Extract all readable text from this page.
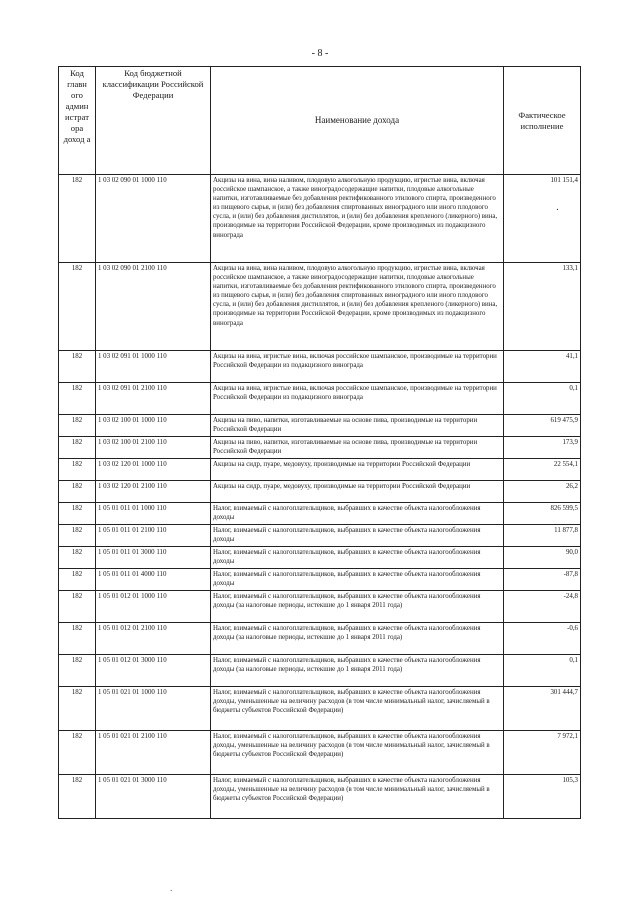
- 8 -
Код главн ого админ истрат ора доход а	Код бюджетной классификации Российской Федерации	Наименование дохода	Фактическое исполнение
182	1 03 02 090 01 1000 110	Акцизы на вина, вина наливом, плодовую алкогольную продукцию, игристые вина, включая российское шампанское, а также виноградосодержащие напитки, плодовые алкогольные напитки, изготавливаемые без добавления ректификованного этилового спирта, произведенного из пищевого сырья, и (или) без добавления спиртованных виноградного или иного плодового сусла, и (или) без добавления дистиллятов, и (или) без добавления крепленого (ликерного) вина, производимые на территории Российской Федерации, кроме производимых из подакцизного винограда	101 151,4
182	1 03 02 090 01 2100 110	Акцизы на вина, вина наливом, плодовую алкогольную продукцию, игристые вина, включая российское шампанское, а также виноградосодержащие напитки, плодовые алкогольные напитки, изготавливаемые без добавления ректификованного этилового спирта, произведенного из пищевого сырья, и (или) без добавления спиртованных виноградного или иного плодового сусла, и (или) без добавления дистиллятов, и (или) без добавления крепленого (ликерного) вина, производимые на территории Российской Федерации, кроме производимых из подакцизного винограда	133,1
182	1 03 02 091 01 1000 110	Акцизы на вина, игристые вина, включая российское шампанское, производимые на территории Российской Федерации из подакцизного винограда	41,1
182	1 03 02 091 01 2100 110	Акцизы на вина, игристые вина, включая российское шампанское, производимые на территории Российской Федерации из подакцизного винограда	0,1
182	1 03 02 100 01 1000 110	Акцизы на пиво, напитки, изготавливаемые на основе пива, производимые на территории Российской Федерации	619 475,9
182	1 03 02 100 01 2100 110	Акцизы на пиво, напитки, изготавливаемые на основе пива, производимые на территории Российской Федерации	173,9
182	1 03 02 120 01 1000 110	Акцизы на сидр, пуаре, медовуху, производимые на территории Российской Федерации	22 554,1
182	1 03 02 120 01 2100 110	Акцизы на сидр, пуаре, медовуху, производимые на территории Российской Федерации	26,2
182	1 05 01 011 01 1000 110	Налог, взимаемый с налогоплательщиков, выбравших в качестве объекта налогообложения доходы	826 599,5
182	1 05 01 011 01 2100 110	Налог, взимаемый с налогоплательщиков, выбравших в качестве объекта налогообложения доходы	11 877,8
182	1 05 01 011 01 3000 110	Налог, взимаемый с налогоплательщиков, выбравших в качестве объекта налогообложения доходы	90,0
182	1 05 01 011 01 4000 110	Налог, взимаемый с налогоплательщиков, выбравших в качестве объекта налогообложения доходы	-87,8
182	1 05 01 012 01 1000 110	Налог, взимаемый с налогоплательщиков, выбравших в качестве объекта налогообложения доходы (за налоговые периоды, истекшие до 1 января 2011 года)	-24,8
182	1 05 01 012 01 2100 110	Налог, взимаемый с налогоплательщиков, выбравших в качестве объекта налогообложения доходы (за налоговые периоды, истекшие до 1 января 2011 года)	-0,6
182	1 05 01 012 01 3000 110	Налог, взимаемый с налогоплательщиков, выбравших в качестве объекта налогообложения доходы (за налоговые периоды, истекшие до 1 января 2011 года)	0,1
182	1 05 01 021 01 1000 110	Налог, взимаемый с налогоплательщиков, выбравших в качестве объекта налогообложения доходы, уменьшенные на величину расходов (в том числе минимальный налог, зачисляемый в бюджеты субъектов Российской Федерации)	301 444,7
182	1 05 01 021 01 2100 110	Налог, взимаемый с налогоплательщиков, выбравших в качестве объекта налогообложения доходы, уменьшенные на величину расходов (в том числе минимальный налог, зачисляемый в бюджеты субъектов Российской Федерации)	7 972,1
182	1 05 01 021 01 3000 110	Налог, взимаемый с налогоплательщиков, выбравших в качестве объекта налогообложения доходы, уменьшенные на величину расходов (в том числе минимальный налог, зачисляемый в бюджеты субъектов Российской Федерации)	105,3
.
.
